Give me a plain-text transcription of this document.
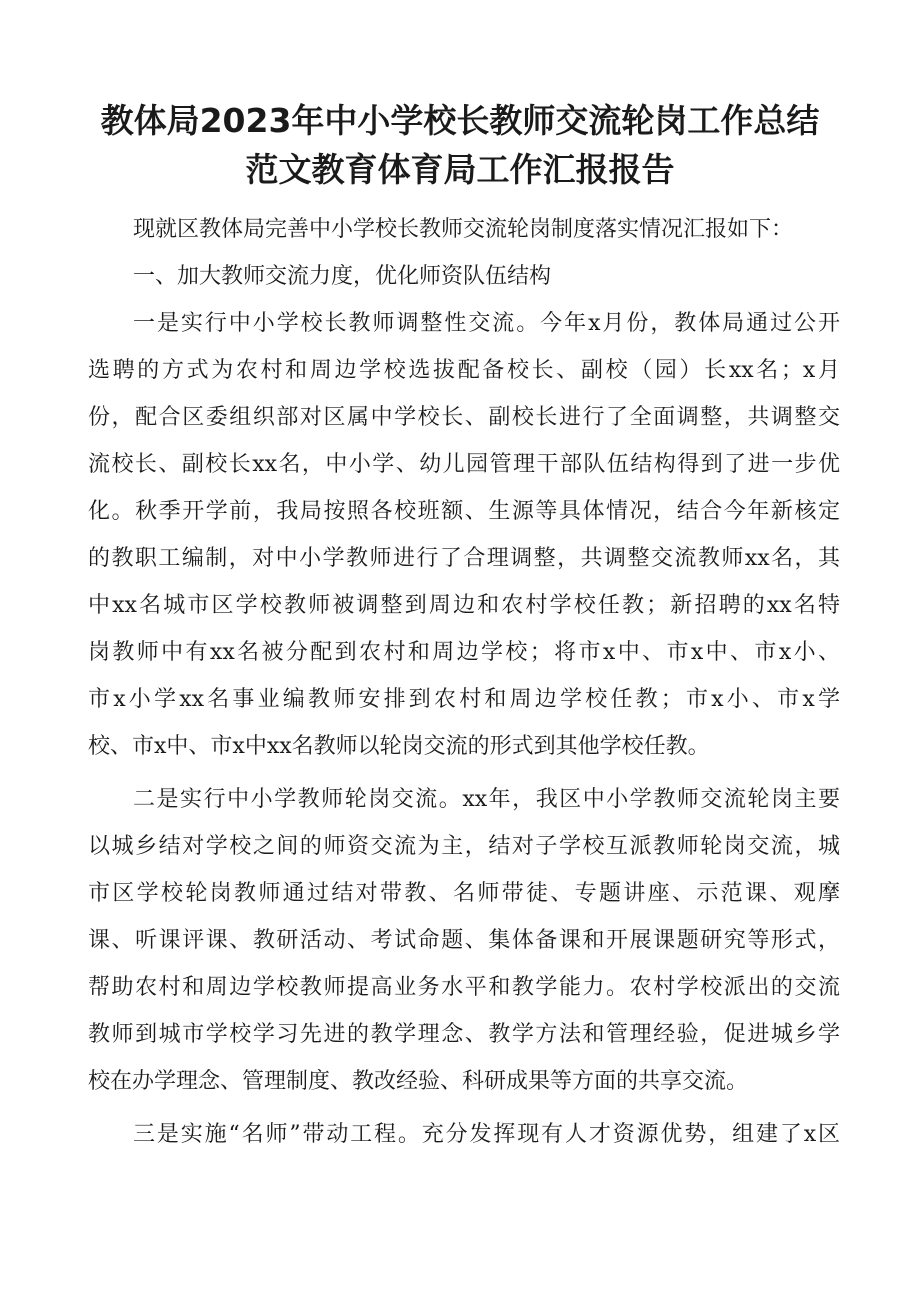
教体局2023年中小学校长教师交流轮岗工作总结
范文教育体育局工作汇报报告
现就区教体局完善中小学校长教师交流轮岗制度落实情况汇报如下：
一、加大教师交流力度，优化师资队伍结构
一是实行中小学校长教师调整性交流。今年x月份，教体局通过公开
选聘的方式为农村和周边学校选拔配备校长、副校（园）长xx名；x月
份，配合区委组织部对区属中学校长、副校长进行了全面调整，共调整交
流校长、副校长xx名，中小学、幼儿园管理干部队伍结构得到了进一步优
化。秋季开学前，我局按照各校班额、生源等具体情况，结合今年新核定
的教职工编制，对中小学教师进行了合理调整，共调整交流教师xx名，其
中xx名城市区学校教师被调整到周边和农村学校任教；新招聘的xx名特
岗教师中有xx名被分配到农村和周边学校；将市x中、市x中、市x小、
市x小学xx名事业编教师安排到农村和周边学校任教；市x小、市x学
校、市x中、市x中xx名教师以轮岗交流的形式到其他学校任教。
二是实行中小学教师轮岗交流。xx年，我区中小学教师交流轮岗主要
以城乡结对学校之间的师资交流为主，结对子学校互派教师轮岗交流，城
市区学校轮岗教师通过结对带教、名师带徒、专题讲座、示范课、观摩
课、听课评课、教研活动、考试命题、集体备课和开展课题研究等形式，
帮助农村和周边学校教师提高业务水平和教学能力。农村学校派出的交流
教师到城市学校学习先进的教学理念、教学方法和管理经验，促进城乡学
校在办学理念、管理制度、教改经验、科研成果等方面的共享交流。
三是实施“名师”带动工程。充分发挥现有人才资源优势，组建了x区
